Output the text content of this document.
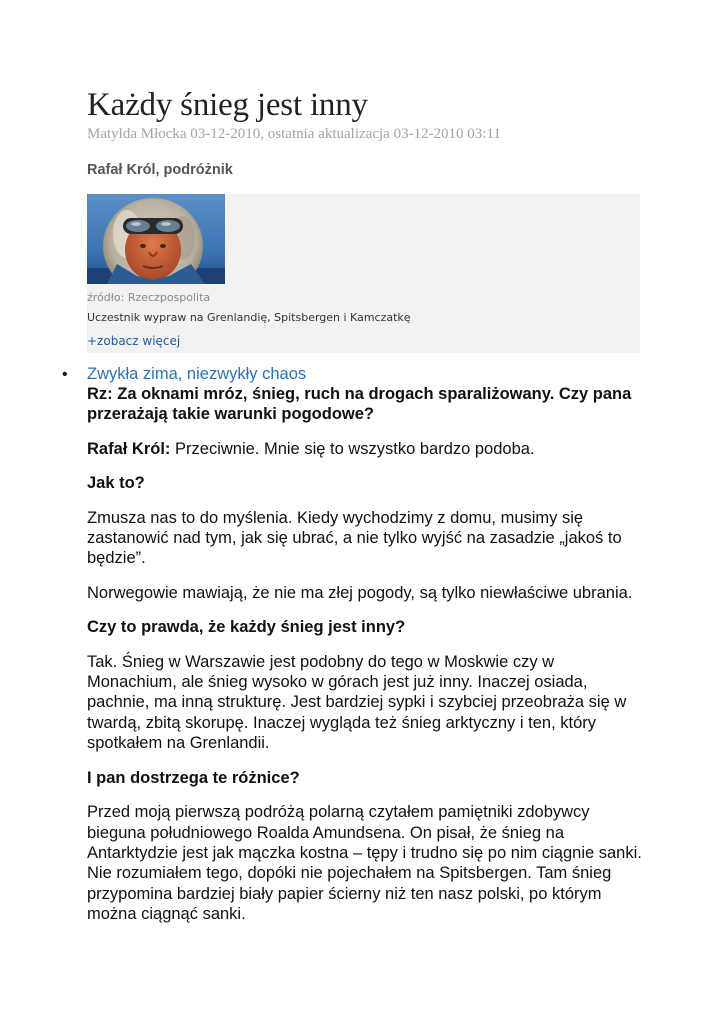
Każdy śnieg jest inny
Matylda Młocka 03-12-2010, ostatnia aktualizacja 03-12-2010 03:11
Rafał Król, podróżnik
źródło: Rzeczpospolita
Uczestnik wypraw na Grenlandię, Spitsbergen i Kamczatkę
+zobacz więcej
• Zwykła zima, niezwykły chaos

Rz: Za oknami mróz, śnieg, ruch na drogach sparaliżowany. Czy pana przerażają takie warunki pogodowe?

Rafał Król: Przeciwnie. Mnie się to wszystko bardzo podoba.

Jak to?

Zmusza nas to do myślenia. Kiedy wychodzimy z domu, musimy się zastanowić nad tym, jak się ubrać, a nie tylko wyjść na zasadzie „jakoś to będzie”.

Norwegowie mawiają, że nie ma złej pogody, są tylko niewłaściwe ubrania.

Czy to prawda, że każdy śnieg jest inny?

Tak. Śnieg w Warszawie jest podobny do tego w Moskwie czy w Monachium, ale śnieg wysoko w górach jest już inny. Inaczej osiada, pachnie, ma inną strukturę. Jest bardziej sypki i szybciej przeobraża się w twardą, zbitą skorupę. Inaczej wygląda też śnieg arktyczny i ten, który spotkałem na Grenlandii.

I pan dostrzega te różnice?

Przed moją pierwszą podróżą polarną czytałem pamiętniki zdobywcy bieguna południowego Roalda Amundsena. On pisał, że śnieg na Antarktydzie jest jak mączka kostna – tępy i trudno się po nim ciągnie sanki. Nie rozumiałem tego, dopóki nie pojechałem na Spitsbergen. Tam śnieg przypomina bardziej biały papier ścierny niż ten nasz polski, po którym można ciągnąć sanki.
